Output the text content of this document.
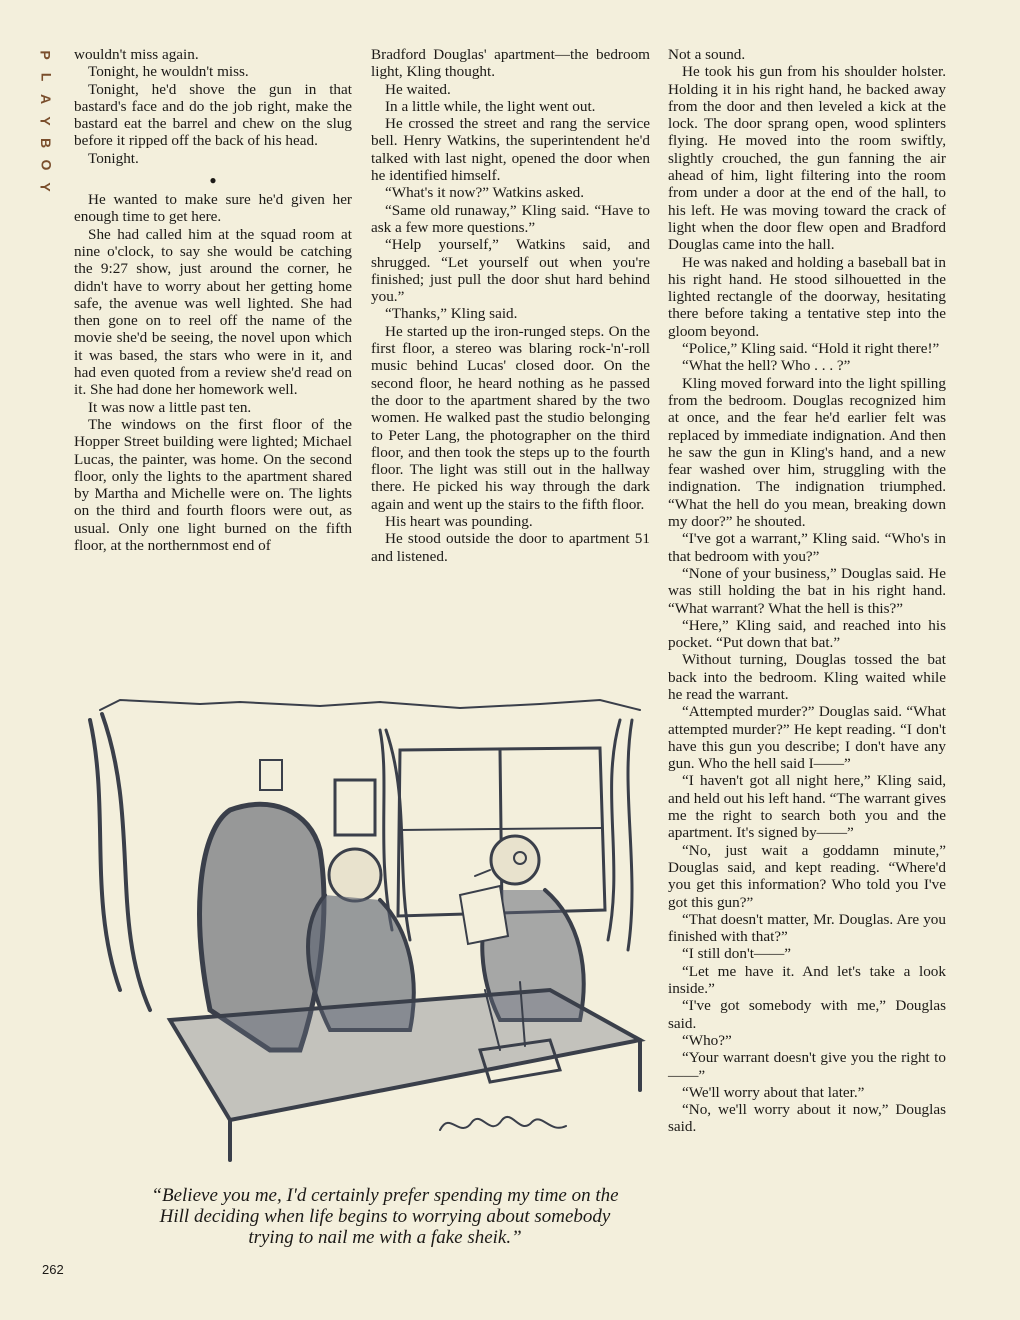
P
L
A
Y
B
O
Y

wouldn't miss again.

Tonight, he wouldn't miss.

Tonight, he'd shove the gun in that bastard's face and do the job right, make the bastard eat the barrel and chew on the slug before it ripped off the back of his head.

Tonight.

●

He wanted to make sure he'd given her enough time to get here.

She had called him at the squad room at nine o'clock, to say she would be catching the 9:27 show, just around the corner, he didn't have to worry about her getting home safe, the avenue was well lighted. She had then gone on to reel off the name of the movie she'd be seeing, the novel upon which it was based, the stars who were in it, and had even quoted from a review she'd read on it. She had done her homework well.

It was now a little past ten.

The windows on the first floor of the Hopper Street building were lighted; Michael Lucas, the painter, was home. On the second floor, only the lights to the apartment shared by Martha and Michelle were on. The lights on the third and fourth floors were out, as usual. Only one light burned on the fifth floor, at the northernmost end of

Bradford Douglas' apartment—the bedroom light, Kling thought.

He waited.

In a little while, the light went out.

He crossed the street and rang the service bell. Henry Watkins, the superintendent he'd talked with last night, opened the door when he identified himself.

“What's it now?” Watkins asked.

“Same old runaway,” Kling said. “Have to ask a few more questions.”

“Help yourself,” Watkins said, and shrugged. “Let yourself out when you're finished; just pull the door shut hard behind you.”

“Thanks,” Kling said.

He started up the iron-runged steps. On the first floor, a stereo was blaring rock-'n'-roll music behind Lucas' closed door. On the second floor, he heard nothing as he passed the door to the apartment shared by the two women. He walked past the studio belonging to Peter Lang, the photographer on the third floor, and then took the steps up to the fourth floor. The light was still out in the hallway there. He picked his way through the dark again and went up the stairs to the fifth floor.

His heart was pounding.

He stood outside the door to apartment 51 and listened.

Not a sound.

He took his gun from his shoulder holster. Holding it in his right hand, he backed away from the door and then leveled a kick at the lock. The door sprang open, wood splinters flying. He moved into the room swiftly, slightly crouched, the gun fanning the air ahead of him, light filtering into the room from under a door at the end of the hall, to his left. He was moving toward the crack of light when the door flew open and Bradford Douglas came into the hall.

He was naked and holding a baseball bat in his right hand. He stood silhouetted in the lighted rectangle of the doorway, hesitating there before taking a tentative step into the gloom beyond.

“Police,” Kling said. “Hold it right there!”

“What the hell? Who . . . ?”

Kling moved forward into the light spilling from the bedroom. Douglas recognized him at once, and the fear he'd earlier felt was replaced by immediate indignation. And then he saw the gun in Kling's hand, and a new fear washed over him, struggling with the indignation. The indignation triumphed. “What the hell do you mean, breaking down my door?” he shouted.

“I've got a warrant,” Kling said. “Who's in that bedroom with you?”

“None of your business,” Douglas said. He was still holding the bat in his right hand. “What warrant? What the hell is this?”

“Here,” Kling said, and reached into his pocket. “Put down that bat.”

Without turning, Douglas tossed the bat back into the bedroom. Kling waited while he read the warrant.

“Attempted murder?” Douglas said. “What attempted murder?” He kept reading. “I don't have this gun you describe; I don't have any gun. Who the hell said I——”

“I haven't got all night here,” Kling said, and held out his left hand. “The warrant gives me the right to search both you and the apartment. It's signed by——”

“No, just wait a goddamn minute,” Douglas said, and kept reading. “Where'd you get this information? Who told you I've got this gun?”

“That doesn't matter, Mr. Douglas. Are you finished with that?”

“I still don't——”

“Let me have it. And let's take a look inside.”

“I've got somebody with me,” Douglas said.

“Who?”

“Your warrant doesn't give you the right to——”

“We'll worry about that later.”

“No, we'll worry about it now,” Douglas said.

“Believe you me, I'd certainly prefer spending my time on the Hill deciding when life begins to worrying about somebody trying to nail me with a fake sheik.”
262
